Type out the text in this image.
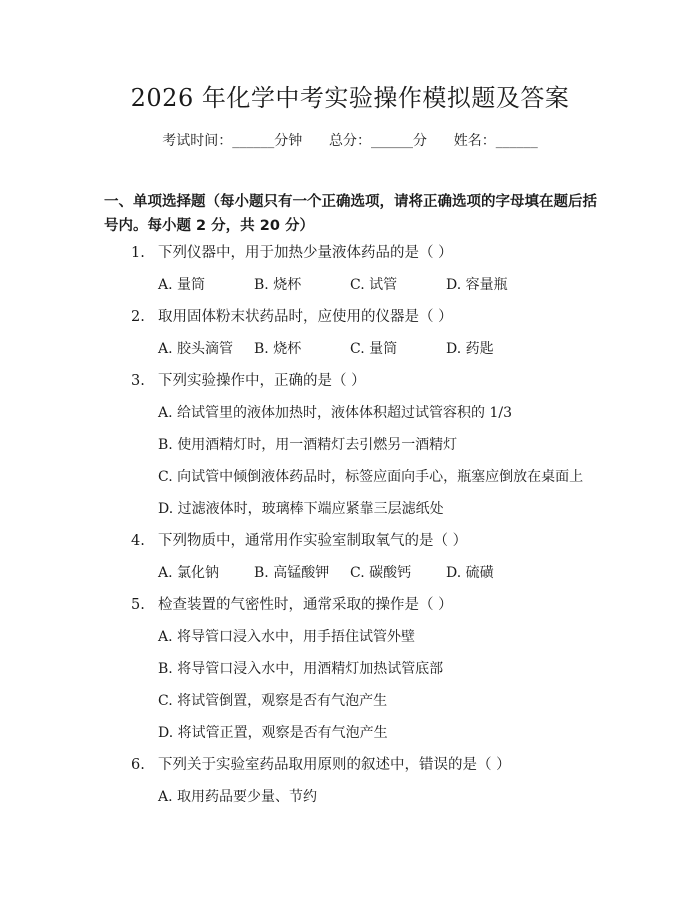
2026 年化学中考实验操作模拟题及答案
考试时间：______分钟 总分：______分 姓名：______
一、单项选择题（每小题只有一个正确选项，请将正确选项的字母填在题后括号内。每小题 2 分，共 20 分）
1. 下列仪器中，用于加热少量液体药品的是（ ）
A. 量筒	B. 烧杯	C. 试管	D. 容量瓶
2. 取用固体粉末状药品时，应使用的仪器是（ ）
A. 胶头滴管 B. 烧杯	C. 量筒	D. 药匙
3. 下列实验操作中，正确的是（ ）
A. 给试管里的液体加热时，液体体积超过试管容积的 1/3
B. 使用酒精灯时，用一酒精灯去引燃另一酒精灯
C. 向试管中倾倒液体药品时，标签应面向手心，瓶塞应倒放在桌面上
D. 过滤液体时，玻璃棒下端应紧靠三层滤纸处
4. 下列物质中，通常用作实验室制取氧气的是（ ）
A. 氯化钠 B. 高锰酸钾 C. 碳酸钙 D. 硫磺
5. 检查装置的气密性时，通常采取的操作是（ ）
A. 将导管口浸入水中，用手捂住试管外壁
B. 将导管口浸入水中，用酒精灯加热试管底部
C. 将试管倒置，观察是否有气泡产生
D. 将试管正置，观察是否有气泡产生
6. 下列关于实验室药品取用原则的叙述中，错误的是（ ）
A. 取用药品要少量、节约
